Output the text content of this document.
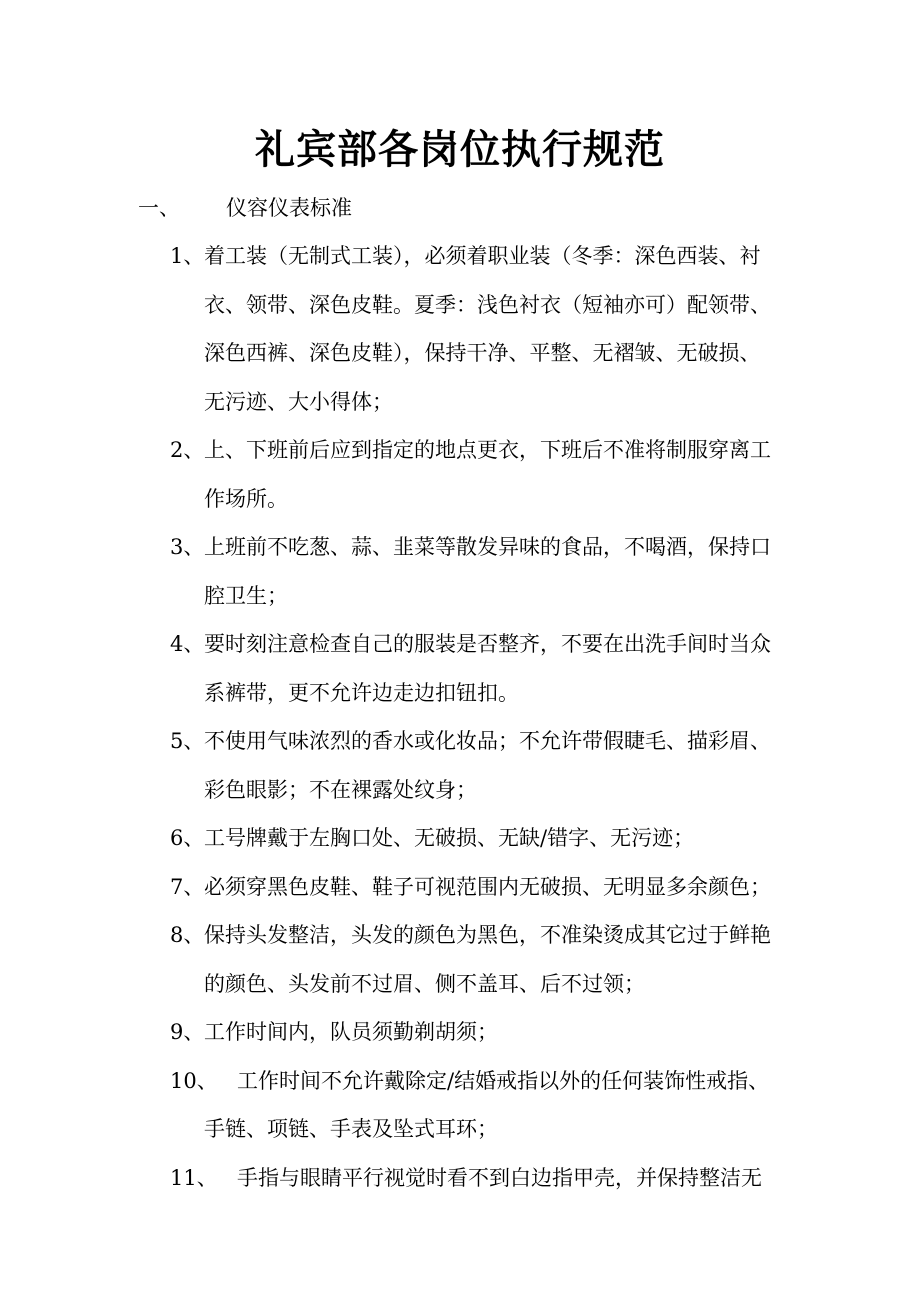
礼宾部各岗位执行规范
一、 仪容仪表标准
1、 着工装（无制式工装），必须着职业装（冬季：深色西装、衬
衣、领带、深色皮鞋。夏季：浅色衬衣（短袖亦可）配领带、
深色西裤、深色皮鞋），保持干净、平整、无褶皱、无破损、
无污迹、大小得体；
2、 上、下班前后应到指定的地点更衣，下班后不准将制服穿离工
作场所。
3、 上班前不吃葱、蒜、韭菜等散发异味的食品，不喝酒，保持口
腔卫生；
4、 要时刻注意检查自己的服装是否整齐，不要在出洗手间时当众
系裤带，更不允许边走边扣钮扣。
5、 不使用气味浓烈的香水或化妆品；不允许带假睫毛、描彩眉、
彩色眼影；不在裸露处纹身；
6、 工号牌戴于左胸口处、无破损、无缺/错字、无污迹；
7、 必须穿黑色皮鞋、鞋子可视范围内无破损、无明显多余颜色；
8、 保持头发整洁，头发的颜色为黑色，不准染烫成其它过于鲜艳
的颜色、头发前不过眉、侧不盖耳、后不过领；
9、 工作时间内，队员须勤剃胡须；
10、 工作时间不允许戴除定/结婚戒指以外的任何装饰性戒指、
手链、项链、手表及坠式耳环；
11、 手指与眼睛平行视觉时看不到白边指甲壳，并保持整洁无
